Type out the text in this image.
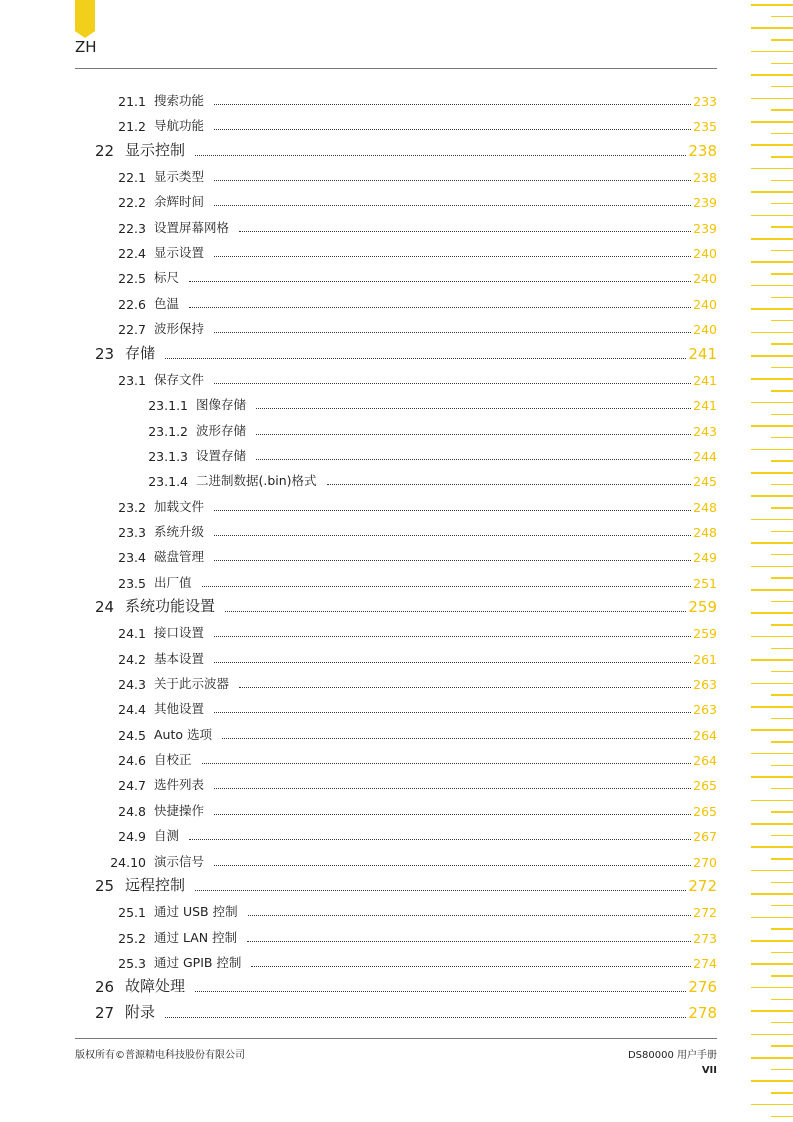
ZH
21.1 搜索功能	233
21.2 导航功能	235
22 显示控制	238
22.1 显示类型	238
22.2 余辉时间	239
22.3 设置屏幕网格	239
22.4 显示设置	240
22.5 标尺	240
22.6 色温	240
22.7 波形保持	240
23 存储	241
23.1 保存文件	241
23.1.1 图像存储	241
23.1.2 波形存储	243
23.1.3 设置存储	244
23.1.4 二进制数据(.bin)格式	245
23.2 加载文件	248
23.3 系统升级	248
23.4 磁盘管理	249
23.5 出厂值	251
24 系统功能设置	259
24.1 接口设置	259
24.2 基本设置	261
24.3 关于此示波器	263
24.4 其他设置	263
24.5 Auto 选项	264
24.6 自校正	264
24.7 选件列表	265
24.8 快捷操作	265
24.9 自测	267
24.10 演示信号	270
25 远程控制	272
25.1 通过 USB 控制	272
25.2 通过 LAN 控制	273
25.3 通过 GPIB 控制	274
26 故障处理	276
27 附录	278
版权所有©普源精电科技股份有限公司	DS80000 用户手册
VII
